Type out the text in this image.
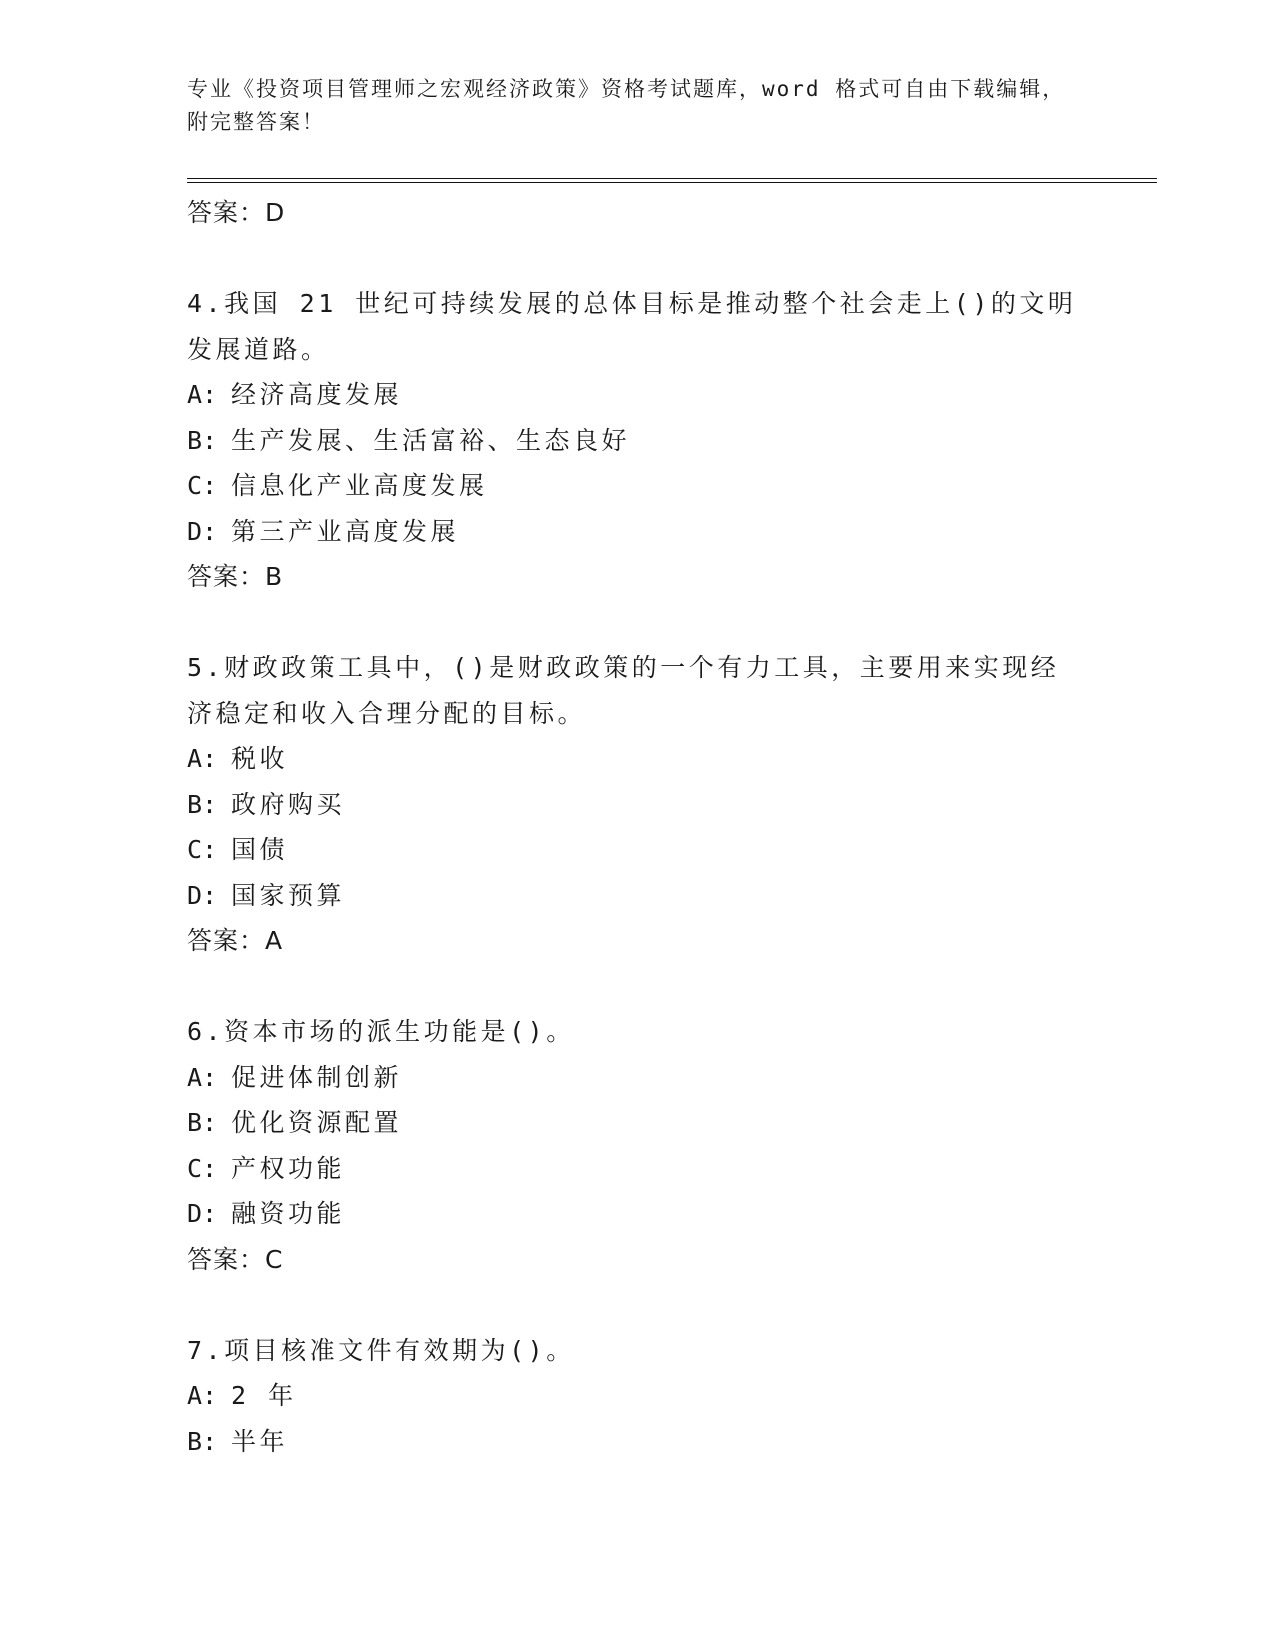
专业《投资项目管理师之宏观经济政策》资格考试题库，word 格式可自由下载编辑，附完整答案！

答案：D

4.我国 21 世纪可持续发展的总体目标是推动整个社会走上()的文明发展道路。

A: 经济高度发展

B: 生产发展、生活富裕、生态良好

C: 信息化产业高度发展

D: 第三产业高度发展

答案：B

5.财政政策工具中，()是财政政策的一个有力工具，主要用来实现经济稳定和收入合理分配的目标。

A: 税收

B: 政府购买

C: 国债

D: 国家预算

答案：A

6.资本市场的派生功能是()。

A: 促进体制创新

B: 优化资源配置

C: 产权功能

D: 融资功能

答案：C

7.项目核准文件有效期为()。

A: 2 年

B: 半年
